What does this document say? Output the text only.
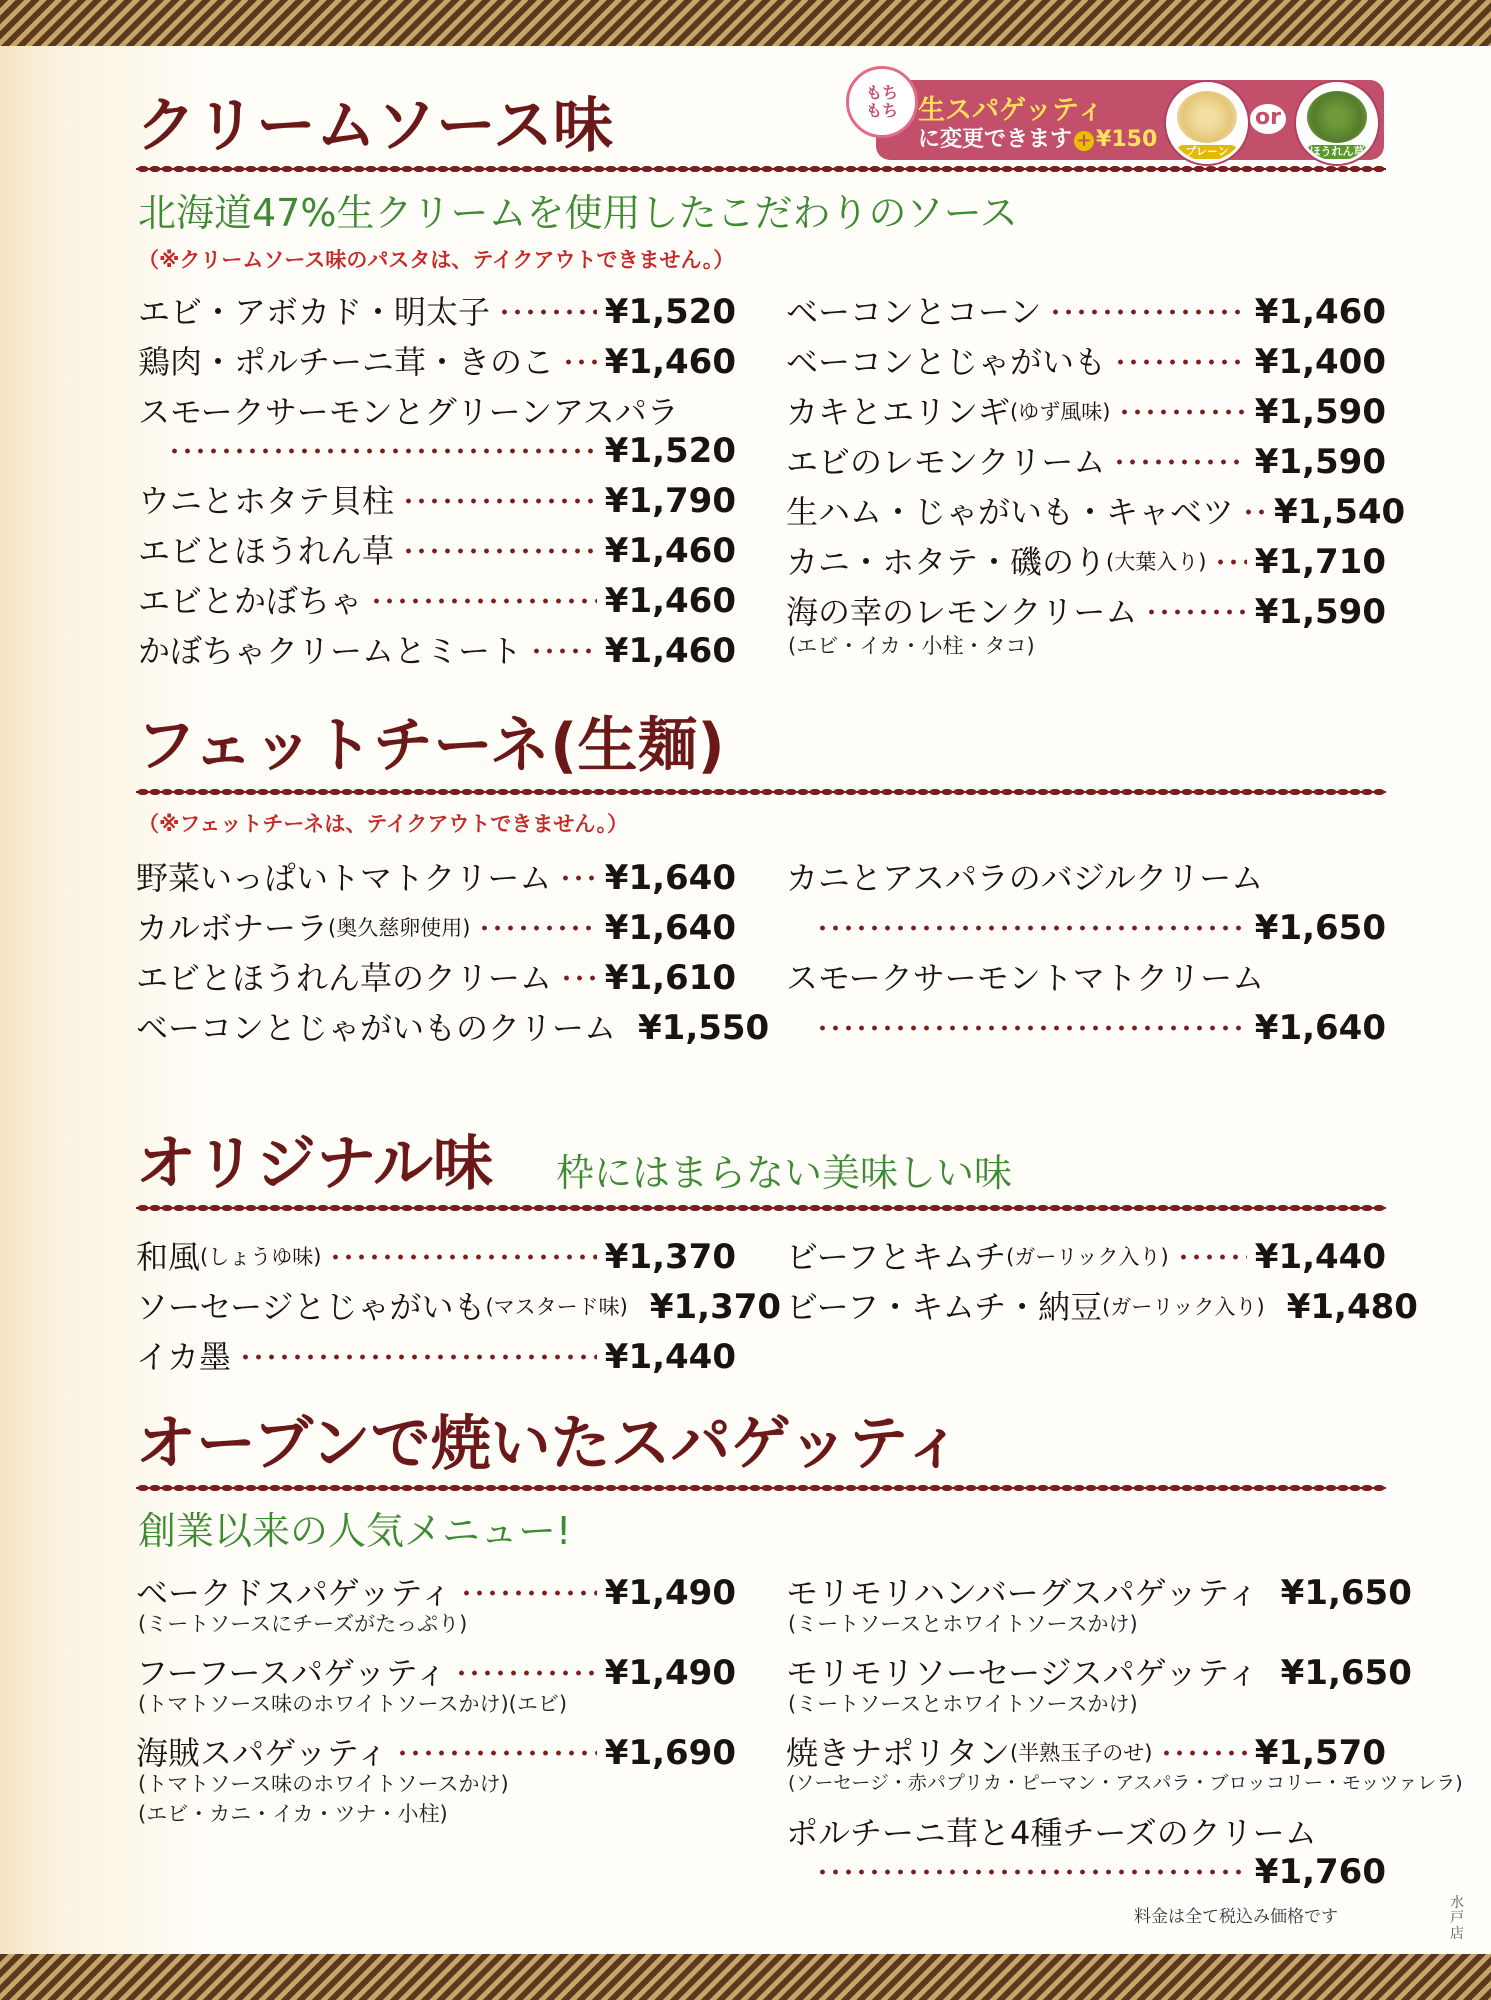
クリームソース味
北海道47%生クリームを使用したこだわりのソース
（※クリームソース味のパスタは、テイクアウトできません。）
もち
もち 生スパゲッティ
に変更できます + ¥150	プレーン
or
ほうれん草
エビ・アボカド・明太子	¥1,520
鶏肉・ポルチーニ茸・きのこ ¥1,460
スモークサーモンとグリーンアスパラ
¥1,520
ウニとホタテ貝柱	¥1,790
エビとほうれん草	¥1,460
エビとかぼちゃ	¥1,460
かぼちゃクリームとミート ¥1,460
ベーコンとコーン	¥1,460
ベーコンとじゃがいも	¥1,400
カキとエリンギ (ゆず風味)	¥1,590
エビのレモンクリーム	¥1,590
生ハム・じゃがいも・キャベツ ¥1,540
カニ・ホタテ・磯のり (大葉入り) ¥1,710
海の幸のレモンクリーム	¥1,590
(エビ・イカ・小柱・タコ)
フェットチーネ(生麺)
（※フェットチーネは、テイクアウトできません。）
野菜いっぱいトマトクリーム ¥1,640
カルボナーラ (奥久慈卵使用)	¥1,640
エビとほうれん草のクリーム ¥1,610
ベーコンとじゃがいものクリーム ¥1,550
カニとアスパラのバジルクリーム
¥1,650
スモークサーモントマトクリーム
¥1,640
オリジナル味 枠にはまらない美味しい味
和風 (しょうゆ味)	¥1,370
ソーセージとじゃがいも (マスタード味) ¥1,370
イカ墨	¥1,440
ビーフとキムチ (ガーリック入り)	¥1,440
ビーフ・キムチ・納豆 (ガーリック入り) ¥1,480
オーブンで焼いたスパゲッティ
創業以来の人気メニュー!
ベークドスパゲッティ	¥1,490
(ミートソースにチーズがたっぷり)
フーフースパゲッティ	¥1,490
(トマトソース味のホワイトソースかけ)(エビ)
海賊スパゲッティ	¥1,690
(トマトソース味のホワイトソースかけ)
(エビ・カニ・イカ・ツナ・小柱)
モリモリハンバーグスパゲッティ ¥1,650
(ミートソースとホワイトソースかけ)
モリモリソーセージスパゲッティ ¥1,650
(ミートソースとホワイトソースかけ)
焼きナポリタン (半熟玉子のせ)	¥1,570
(ソーセージ・赤パプリカ・ピーマン・アスパラ・ブロッコリー・モッツァレラ)
ポルチーニ茸と4種チーズのクリーム
¥1,760
料金は全て税込み価格です
水戸店
